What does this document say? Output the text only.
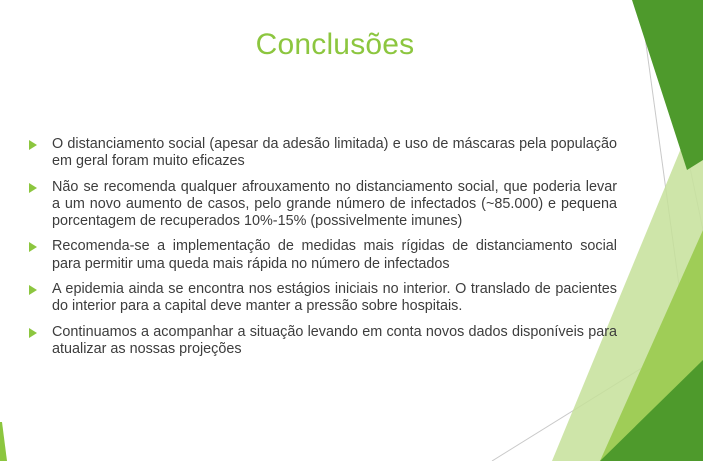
Conclusões
O distanciamento social (apesar da adesão limitada) e uso de máscaras pela população em geral foram muito eficazes
Não se recomenda qualquer afrouxamento no distanciamento social, que poderia levar a um novo aumento de casos, pelo grande número de infectados (~85.000) e pequena porcentagem de recuperados 10%-15% (possivelmente imunes)
Recomenda-se a implementação de medidas mais rígidas de distanciamento social para permitir uma queda mais rápida no número de infectados
A epidemia ainda se encontra nos estágios iniciais no interior. O translado de pacientes do interior para a capital deve manter a pressão sobre hospitais.
Continuamos a acompanhar a situação levando em conta novos dados disponíveis para atualizar as nossas projeções
